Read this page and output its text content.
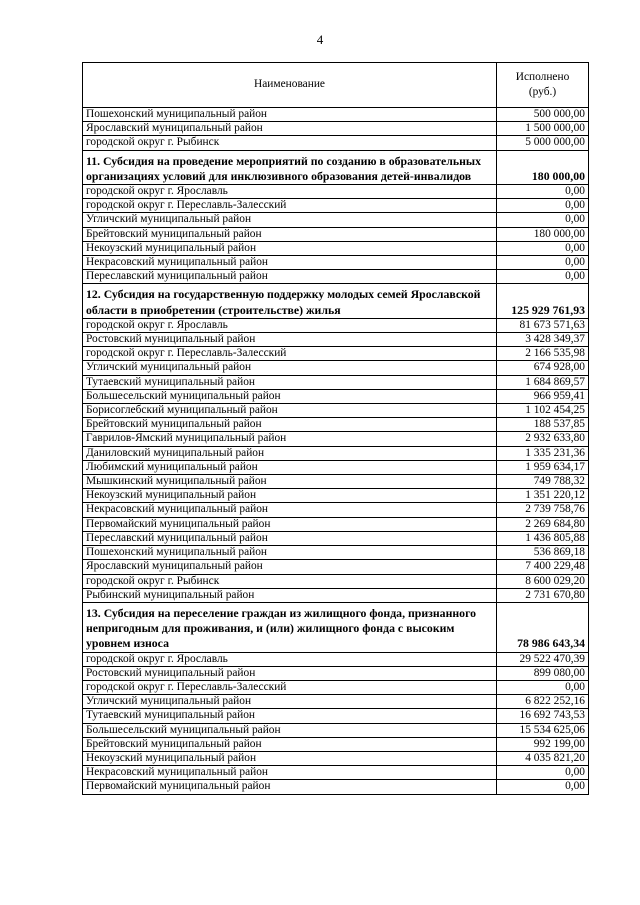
4
Наименование	Исполнено
(руб.)
Пошехонский муниципальный район	500 000,00
Ярославский муниципальный район	1 500 000,00
городской округ г. Рыбинск	5 000 000,00
11. Субсидия на проведение мероприятий по созданию в образовательных организациях условий для инклюзивного образования детей-инвалидов	180 000,00
городской округ г. Ярославль	0,00
городской округ г. Переславль-Залесский	0,00
Угличский муниципальный район	0,00
Брейтовский муниципальный район	180 000,00
Некоузский муниципальный район	0,00
Некрасовский муниципальный район	0,00
Переславский муниципальный район	0,00
12. Субсидия на государственную поддержку молодых семей Ярославской области в приобретении (строительстве) жилья	125 929 761,93
городской округ г. Ярославль	81 673 571,63
Ростовский муниципальный район	3 428 349,37
городской округ г. Переславль-Залесский	2 166 535,98
Угличский муниципальный район	674 928,00
Тутаевский муниципальный район	1 684 869,57
Большесельский муниципальный район	966 959,41
Борисоглебский муниципальный район	1 102 454,25
Брейтовский муниципальный район	188 537,85
Гаврилов-Ямский муниципальный район	2 932 633,80
Даниловский муниципальный район	1 335 231,36
Любимский муниципальный район	1 959 634,17
Мышкинский муниципальный район	749 788,32
Некоузский муниципальный район	1 351 220,12
Некрасовский муниципальный район	2 739 758,76
Первомайский муниципальный район	2 269 684,80
Переславский муниципальный район	1 436 805,88
Пошехонский муниципальный район	536 869,18
Ярославский муниципальный район	7 400 229,48
городской округ г. Рыбинск	8 600 029,20
Рыбинский муниципальный район	2 731 670,80
13. Субсидия на переселение граждан из жилищного фонда, признанного непригодным для проживания, и (или) жилищного фонда с высоким уровнем износа	78 986 643,34
городской округ г. Ярославль	29 522 470,39
Ростовский муниципальный район	899 080,00
городской округ г. Переславль-Залесский	0,00
Угличский муниципальный район	6 822 252,16
Тутаевский муниципальный район	16 692 743,53
Большесельский муниципальный район	15 534 625,06
Брейтовский муниципальный район	992 199,00
Некоузский муниципальный район	4 035 821,20
Некрасовский муниципальный район	0,00
Первомайский муниципальный район	0,00
